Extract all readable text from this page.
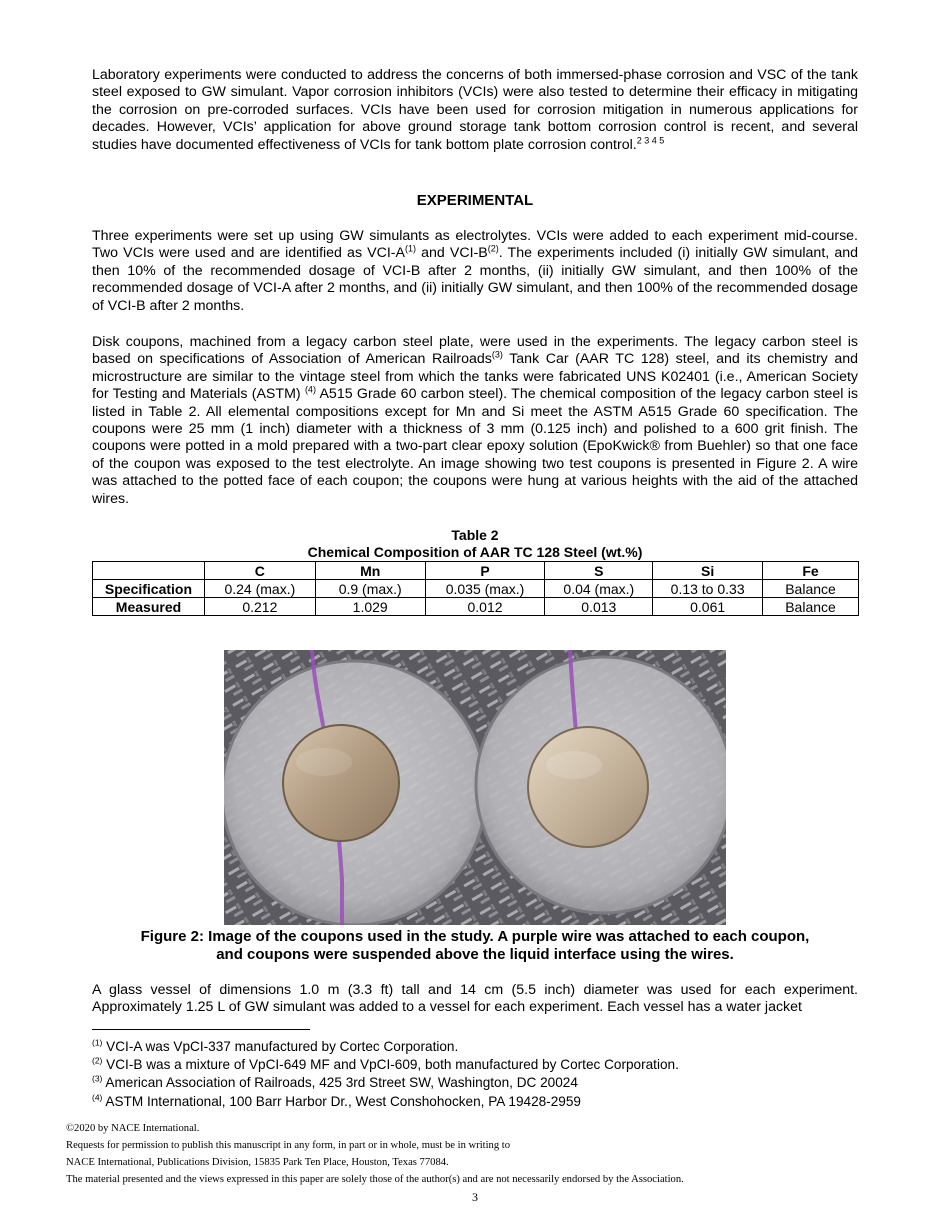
Laboratory experiments were conducted to address the concerns of both immersed-phase corrosion and VSC of the tank steel exposed to GW simulant. Vapor corrosion inhibitors (VCIs) were also tested to determine their efficacy in mitigating the corrosion on pre-corroded surfaces. VCIs have been used for corrosion mitigation in numerous applications for decades. However, VCIs’ application for above ground storage tank bottom corrosion control is recent, and several studies have documented effectiveness of VCIs for tank bottom plate corrosion control.$^{2 3 4 5}$

EXPERIMENTAL

Three experiments were set up using GW simulants as electrolytes. VCIs were added to each experiment mid-course. Two VCIs were used and are identified as VCI-$A^{(1)}$ and VCI-$B^{(2)}$. The experiments included (i) initially GW simulant, and then 10% of the recommended dosage of VCI-B after 2 months, (ii) initially GW simulant, and then 100% of the recommended dosage of VCI-A after 2 months, and (ii) initially GW simulant, and then 100% of the recommended dosage of VCI-B after 2 months.

Disk coupons, machined from a legacy carbon steel plate, were used in the experiments. The legacy carbon steel is based on specifications of Association of American Railroads$^{(3)}$ Tank Car (AAR TC 128) steel, and its chemistry and microstructure are similar to the vintage steel from which the tanks were fabricated UNS K02401 (i.e., American Society for Testing and Materials (ASTM) $^{(4)}$ A515 Grade 60 carbon steel). The chemical composition of the legacy carbon steel is listed in Table 2. All elemental compositions except for Mn and Si meet the ASTM A515 Grade 60 specification. The coupons were 25 mm (1 inch) diameter with a thickness of 3 mm (0.125 inch) and polished to a 600 grit finish. The coupons were potted in a mold prepared with a two-part clear epoxy solution (EpoKwick® from Buehler) so that one face of the coupon was exposed to the test electrolyte. An image showing two test coupons is presented in Figure 2. A wire was attached to the potted face of each coupon; the coupons were hung at various heights with the aid of the attached wires.

Table 2
Chemical Composition of AAR TC 128 Steel (wt.%)
	C	Mn	P	S	Si	Fe
Specification	0.24 (max.)	0.9 (max.)	0.035 (max.)	0.04 (max.)	0.13 to 0.33	Balance
Measured	0.212	1.029	0.012	0.013	0.061	Balance
Figure 2: Image of the coupons used in the study. A purple wire was attached to each coupon,
and coupons were suspended above the liquid interface using the wires.

A glass vessel of dimensions 1.0 m (3.3 ft) tall and 14 cm (5.5 inch) diameter was used for each experiment. Approximately 1.25 L of GW simulant was added to a vessel for each experiment. Each vessel has a water jacket

$^{(1)}$ VCI-A was VpCI-337 manufactured by Cortec Corporation.
$^{(2)}$ VCI-B was a mixture of VpCI-649 MF and VpCI-609, both manufactured by Cortec Corporation.
$^{(3)}$ American Association of Railroads, 425 3rd Street SW, Washington, DC 20024
$^{(4)}$ ASTM International, 100 Barr Harbor Dr., West Conshohocken, PA 19428-2959
©2020 by NACE International.
Requests for permission to publish this manuscript in any form, in part or in whole, must be in writing to
NACE International, Publications Division, 15835 Park Ten Place, Houston, Texas 77084.
The material presented and the views expressed in this paper are solely those of the author(s) and are not necessarily endorsed by the Association.
3
